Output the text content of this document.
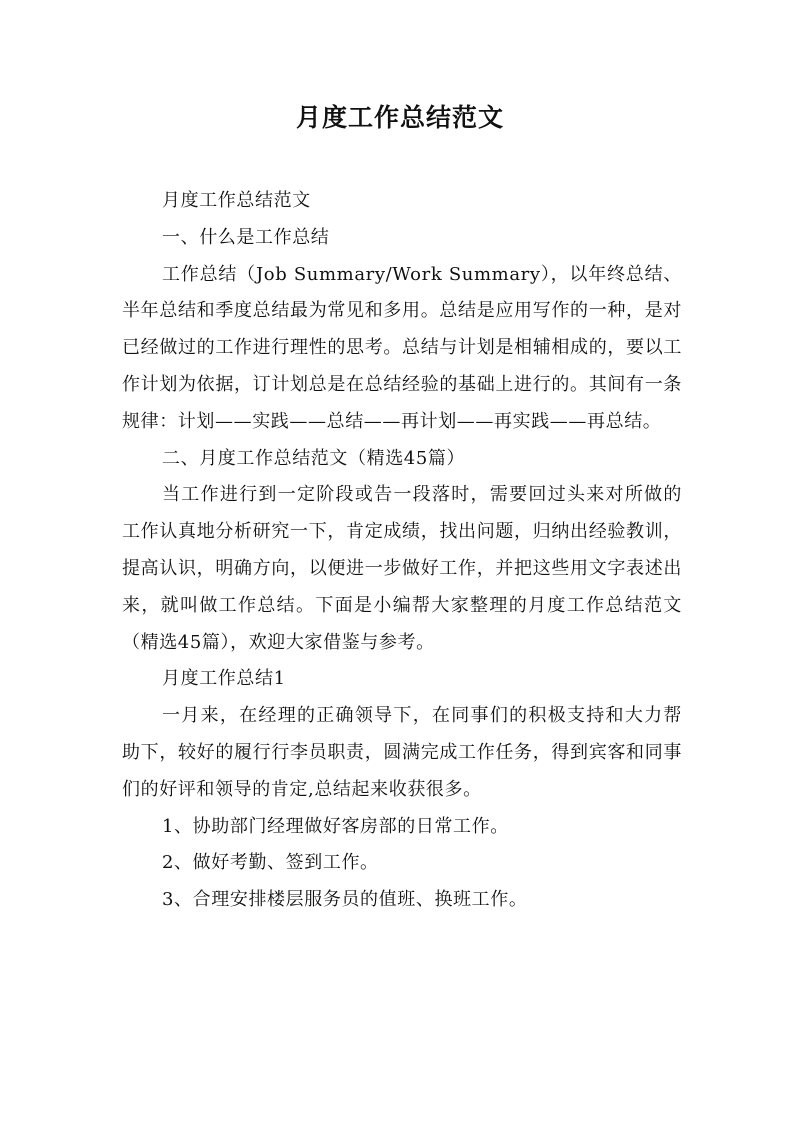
月度工作总结范文

月度工作总结范文

一、什么是工作总结

工作总结（Job Summary/Work Summary），以年终总结、半年总结和季度总结最为常见和多用。总结是应用写作的一种，是对已经做过的工作进行理性的思考。总结与计划是相辅相成的，要以工作计划为依据，订计划总是在总结经验的基础上进行的。其间有一条规律：计划——实践——总结——再计划——再实践——再总结。

二、月度工作总结范文（精选45篇）

当工作进行到一定阶段或告一段落时，需要回过头来对所做的工作认真地分析研究一下，肯定成绩，找出问题，归纳出经验教训，提高认识，明确方向，以便进一步做好工作，并把这些用文字表述出来，就叫做工作总结。下面是小编帮大家整理的月度工作总结范文（精选45篇），欢迎大家借鉴与参考。

月度工作总结1

一月来，在经理的正确领导下，在同事们的积极支持和大力帮助下，较好的履行行李员职责，圆满完成工作任务，得到宾客和同事们的好评和领导的肯定,总结起来收获很多。

1、协助部门经理做好客房部的日常工作。

2、做好考勤、签到工作。

3、合理安排楼层服务员的值班、换班工作。
